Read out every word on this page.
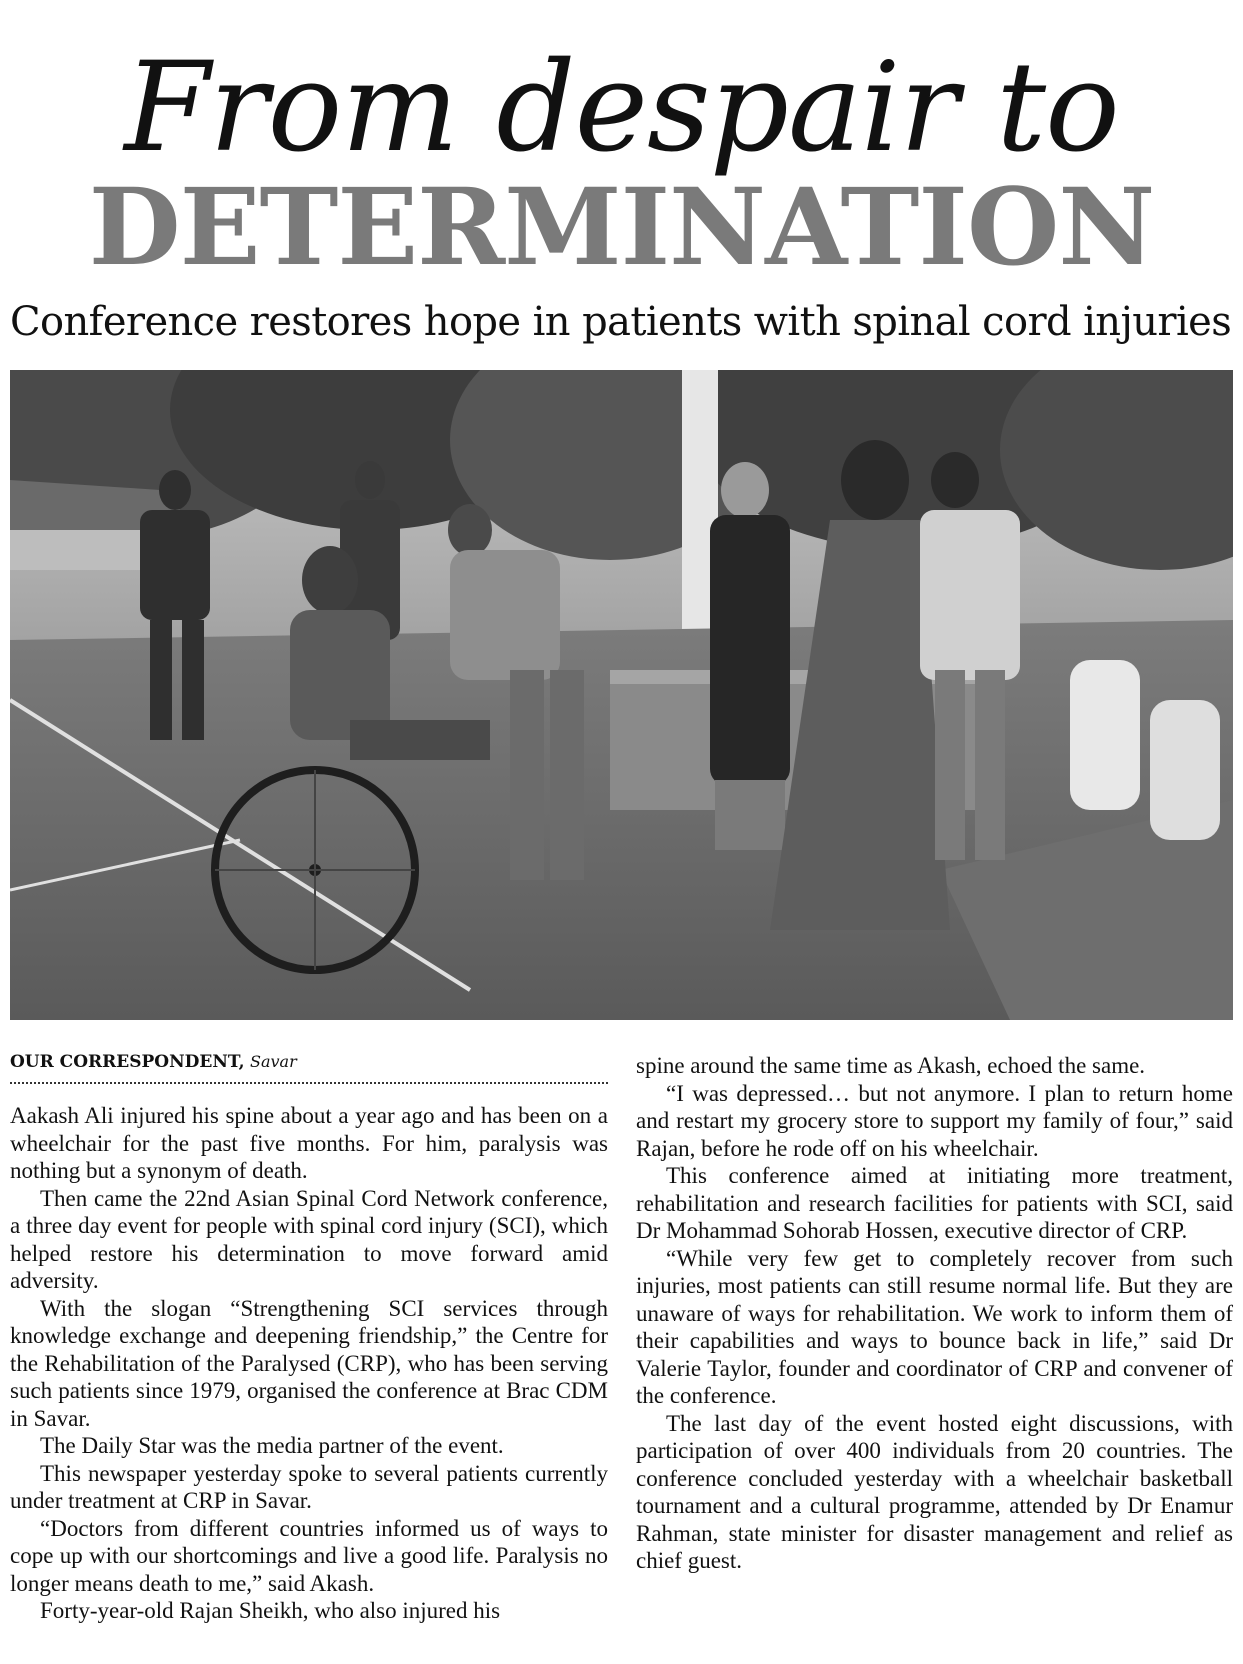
From despair to
DETERMINATION
Conference restores hope in patients with spinal cord injuries
OUR CORRESPONDENT, Savar

Aakash Ali injured his spine about a year ago and has been on a wheelchair for the past five months. For him, paralysis was nothing but a synonym of death.

Then came the 22nd Asian Spinal Cord Network conference, a three day event for people with spinal cord injury (SCI), which helped restore his determination to move forward amid adversity.

With the slogan “Strengthening SCI services through knowledge exchange and deepening friendship,” the Centre for the Rehabilitation of the Paralysed (CRP), who has been serving such patients since 1979, organised the conference at Brac CDM in Savar.

The Daily Star was the media partner of the event.

This newspaper yesterday spoke to several patients currently under treatment at CRP in Savar.

“Doctors from different countries informed us of ways to cope up with our shortcomings and live a good life. Paralysis no longer means death to me,” said Akash.

Forty-year-old Rajan Sheikh, who also injured his

spine around the same time as Akash, echoed the same.

“I was depressed… but not anymore. I plan to return home and restart my grocery store to support my family of four,” said Rajan, before he rode off on his wheelchair.

This conference aimed at initiating more treatment, rehabilitation and research facilities for patients with SCI, said Dr Mohammad Sohorab Hossen, executive director of CRP.

“While very few get to completely recover from such injuries, most patients can still resume normal life. But they are unaware of ways for rehabilitation. We work to inform them of their capabilities and ways to bounce back in life,” said Dr Valerie Taylor, founder and coordinator of CRP and convener of the conference.

The last day of the event hosted eight discussions, with participation of over 400 individuals from 20 countries. The conference concluded yesterday with a wheelchair basketball tournament and a cultural programme, attended by Dr Enamur Rahman, state minister for disaster management and relief as chief guest.
